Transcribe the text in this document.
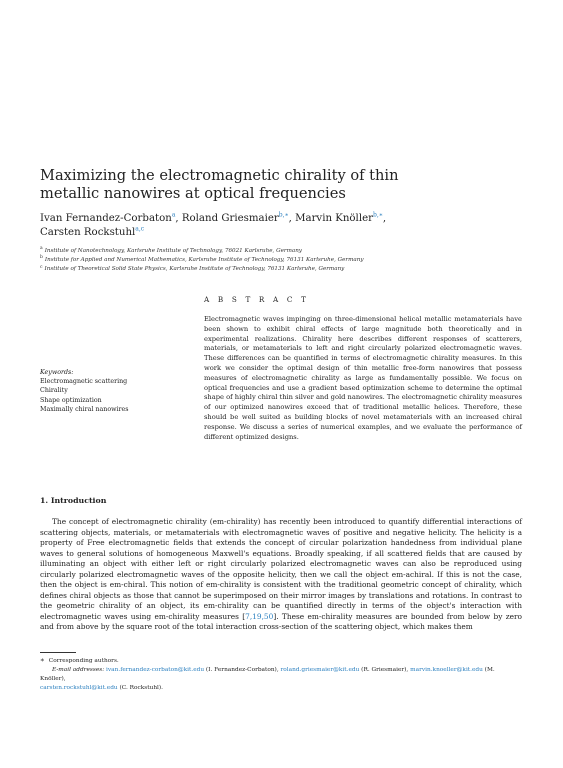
Maximizing the electromagnetic chirality of thin metallic nanowires at optical frequencies
Ivan Fernandez-Corbaton$^a$, Roland Griesmaier$^{b,∗}$, Marvin Knöller$^{b,∗}$,
Carsten Rockstuhl$^{a,c}$
$^a$ Institute of Nanotechnology, Karlsruhe Institute of Technology, 76021 Karlsruhe, Germany
$^b$ Institute for Applied and Numerical Mathematics, Karlsruhe Institute of Technology, 76131 Karlsruhe, Germany
$^c$ Institute of Theoretical Solid State Physics, Karlsruhe Institute of Technology, 76131 Karlsruhe, Germany
A B S T R A C T
Electromagnetic waves impinging on three-dimensional helical metallic metamaterials have been shown to exhibit chiral effects of large magnitude both theoretically and in experimental realizations. Chirality here describes different responses of scatterers, materials, or metamaterials to left and right circularly polarized electromagnetic waves. These differences can be quantified in terms of electromagnetic chirality measures. In this work we consider the optimal design of thin metallic free-form nanowires that possess measures of electromagnetic chirality as large as fundamentally possible. We focus on optical frequencies and use a gradient based optimization scheme to determine the optimal shape of highly chiral thin silver and gold nanowires. The electromagnetic chirality measures of our optimized nanowires exceed that of traditional metallic helices. Therefore, these should be well suited as building blocks of novel metamaterials with an increased chiral response. We discuss a series of numerical examples, and we evaluate the performance of different optimized designs.
Keywords:
Electromagnetic scattering
Chirality
Shape optimization
Maximally chiral nanowires
1. Introduction

The concept of electromagnetic chirality (em-chirality) has recently been introduced to quantify differential interactions of scattering objects, materials, or metamaterials with electromagnetic waves of positive and negative helicity. The helicity is a property of Free electromagnetic fields that extends the concept of circular polarization handedness from individual plane waves to general solutions of homogeneous Maxwell's equations. Broadly speaking, if all scattered fields that are caused by illuminating an object with either left or right circularly polarized electromagnetic waves can also be reproduced using circularly polarized electromagnetic waves of the opposite helicity, then we call the object em-achiral. If this is not the case, then the object is em-chiral. This notion of em-chirality is consistent with the traditional geometric concept of chirality, which defines chiral objects as those that cannot be superimposed on their mirror images by translations and rotations. In contrast to the geometric chirality of an object, its em-chirality can be quantified directly in terms of the object's interaction with electromagnetic waves using em-chirality measures [7,19,50]. These em-chirality measures are bounded from below by zero and from above by the square root of the total interaction cross-section of the scattering object, which makes them

∗ Corresponding authors.
E-mail addresses: ivan.fernandez-corbaton@kit.edu (I. Fernandez-Corbaton), roland.griesmaier@kit.edu (R. Griesmaier), marvin.knoeller@kit.edu (M. Knöller),
carsten.rockstuhl@kit.edu (C. Rockstuhl).
